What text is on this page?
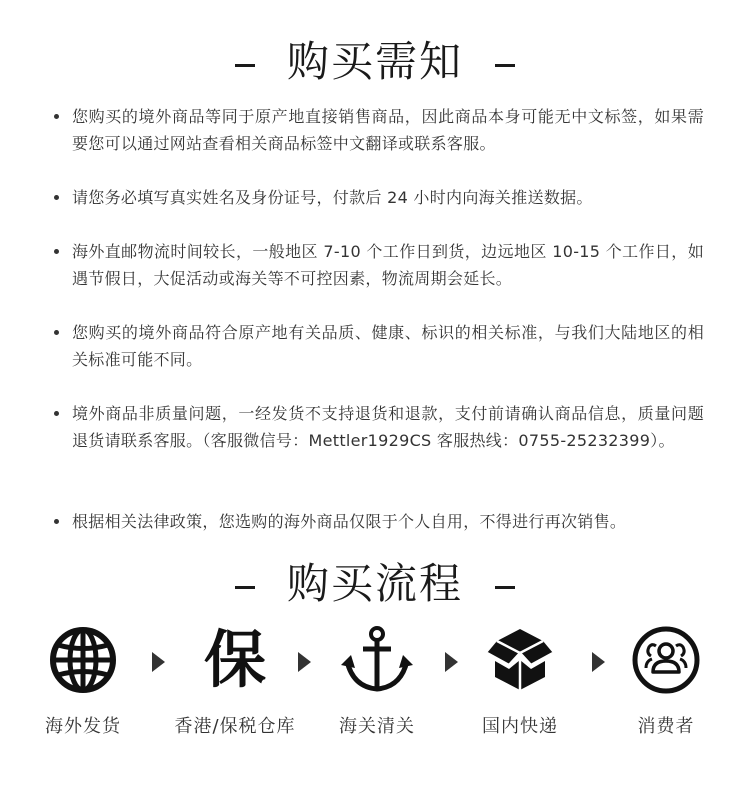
购买需知
您购买的境外商品等同于原产地直接销售商品，因此商品本身可能无中文标签，如果需要您可以通过网站查看相关商品标签中文翻译或联系客服。
请您务必填写真实姓名及身份证号，付款后 24 小时内向海关推送数据。
海外直邮物流时间较长，一般地区 7-10 个工作日到货，边远地区 10-15 个工作日，如遇节假日，大促活动或海关等不可控因素，物流周期会延长。
您购买的境外商品符合原产地有关品质、健康、标识的相关标准，与我们大陆地区的相关标准可能不同。
境外商品非质量问题，一经发货不支持退货和退款，支付前请确认商品信息，质量问题退货请联系客服。（客服微信号：Mettler1929CS 客服热线：0755-25232399）。
根据相关法律政策，您选购的海外商品仅限于个人自用，不得进行再次销售。
购买流程
海外发货
保
香港/保税仓库	海关清关	国内快递	消费者
